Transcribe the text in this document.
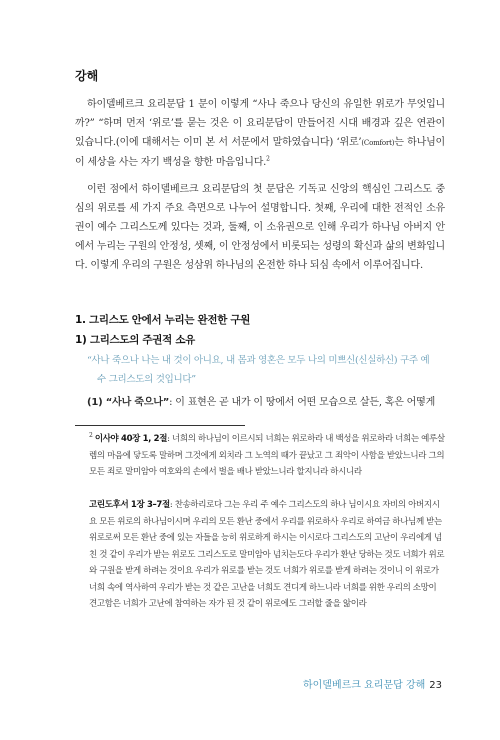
강해

하이델베르크 요리문답 1 문이 이렇게 “사나 죽으나 당신의 유일한 위로가 무엇입니까?” “하며 먼저 ‘위로’를 묻는 것은 이 요리문답이 만들어진 시대 배경과 깊은 연관이 있습니다.(이에 대해서는 이미 본 서 서문에서 말하였습니다) ‘위로’(Comfort)는 하나님이 이 세상을 사는 자기 백성을 향한 마음입니다.$^2$

이런 점에서 하이델베르크 요리문답의 첫 문답은 기독교 신앙의 핵심인 그리스도 중심의 위로를 세 가지 주요 측면으로 나누어 설명합니다. 첫째, 우리에 대한 전적인 소유권이 예수 그리스도께 있다는 것과, 둘째, 이 소유권으로 인해 우리가 하나님 아버지 안에서 누리는 구원의 안정성, 셋째, 이 안정성에서 비롯되는 성령의 확신과 삶의 변화입니다. 이렇게 우리의 구원은 성삼위 하나님의 온전한 하나 되심 속에서 이루어집니다.

1. 그리스도 안에서 누리는 완전한 구원
1) 그리스도의 주권적 소유
“사나 죽으나 나는 내 것이 아니요, 내 몸과 영혼은 모두 나의 미쁘신(신실하신) 구주 예
수 그리스도의 것입니다”
(1) “사나 죽으나”: 이 표현은 곧 내가 이 땅에서 어떤 모습으로 살든, 혹은 어떻게

$^2$ 이사야 40장 1, 2절: 너희의 하나님이 이르시되 너희는 위로하라 내 백성을 위로하라 너희는 예루살렘의 마음에 닿도록 말하며 그것에게 외치라 그 노역의 때가 끝났고 그 죄악이 사함을 받았느니라 그의 모든 죄로 말미암아 여호와의 손에서 벌을 배나 받았느니라 할지니라 하시니라

고린도후서 1장 3–7절: 찬송하리로다 그는 우리 주 예수 그리스도의 하나 님이시요 자비의 아버지시요 모든 위로의 하나님이시며 우리의 모든 환난 중에서 우리를 위로하사 우리로 하여금 하나님께 받는 위로로써 모든 환난 중에 있는 자들을 능히 위로하게 하시는 이시로다 그리스도의 고난이 우리에게 넘친 것 같이 우리가 받는 위로도 그리스도로 말미암아 넘치는도다 우리가 환난 당하는 것도 너희가 위로와 구원을 받게 하려는 것이요 우리가 위로를 받는 것도 너희가 위로를 받게 하려는 것이니 이 위로가 너희 속에 역사하여 우리가 받는 것 같은 고난을 너희도 견디게 하느니라 너희를 위한 우리의 소망이 견고함은 너희가 고난에 참여하는 자가 된 것 같이 위로에도 그러할 줄을 앎이라

하이델베르크 요리문답 강해 23
